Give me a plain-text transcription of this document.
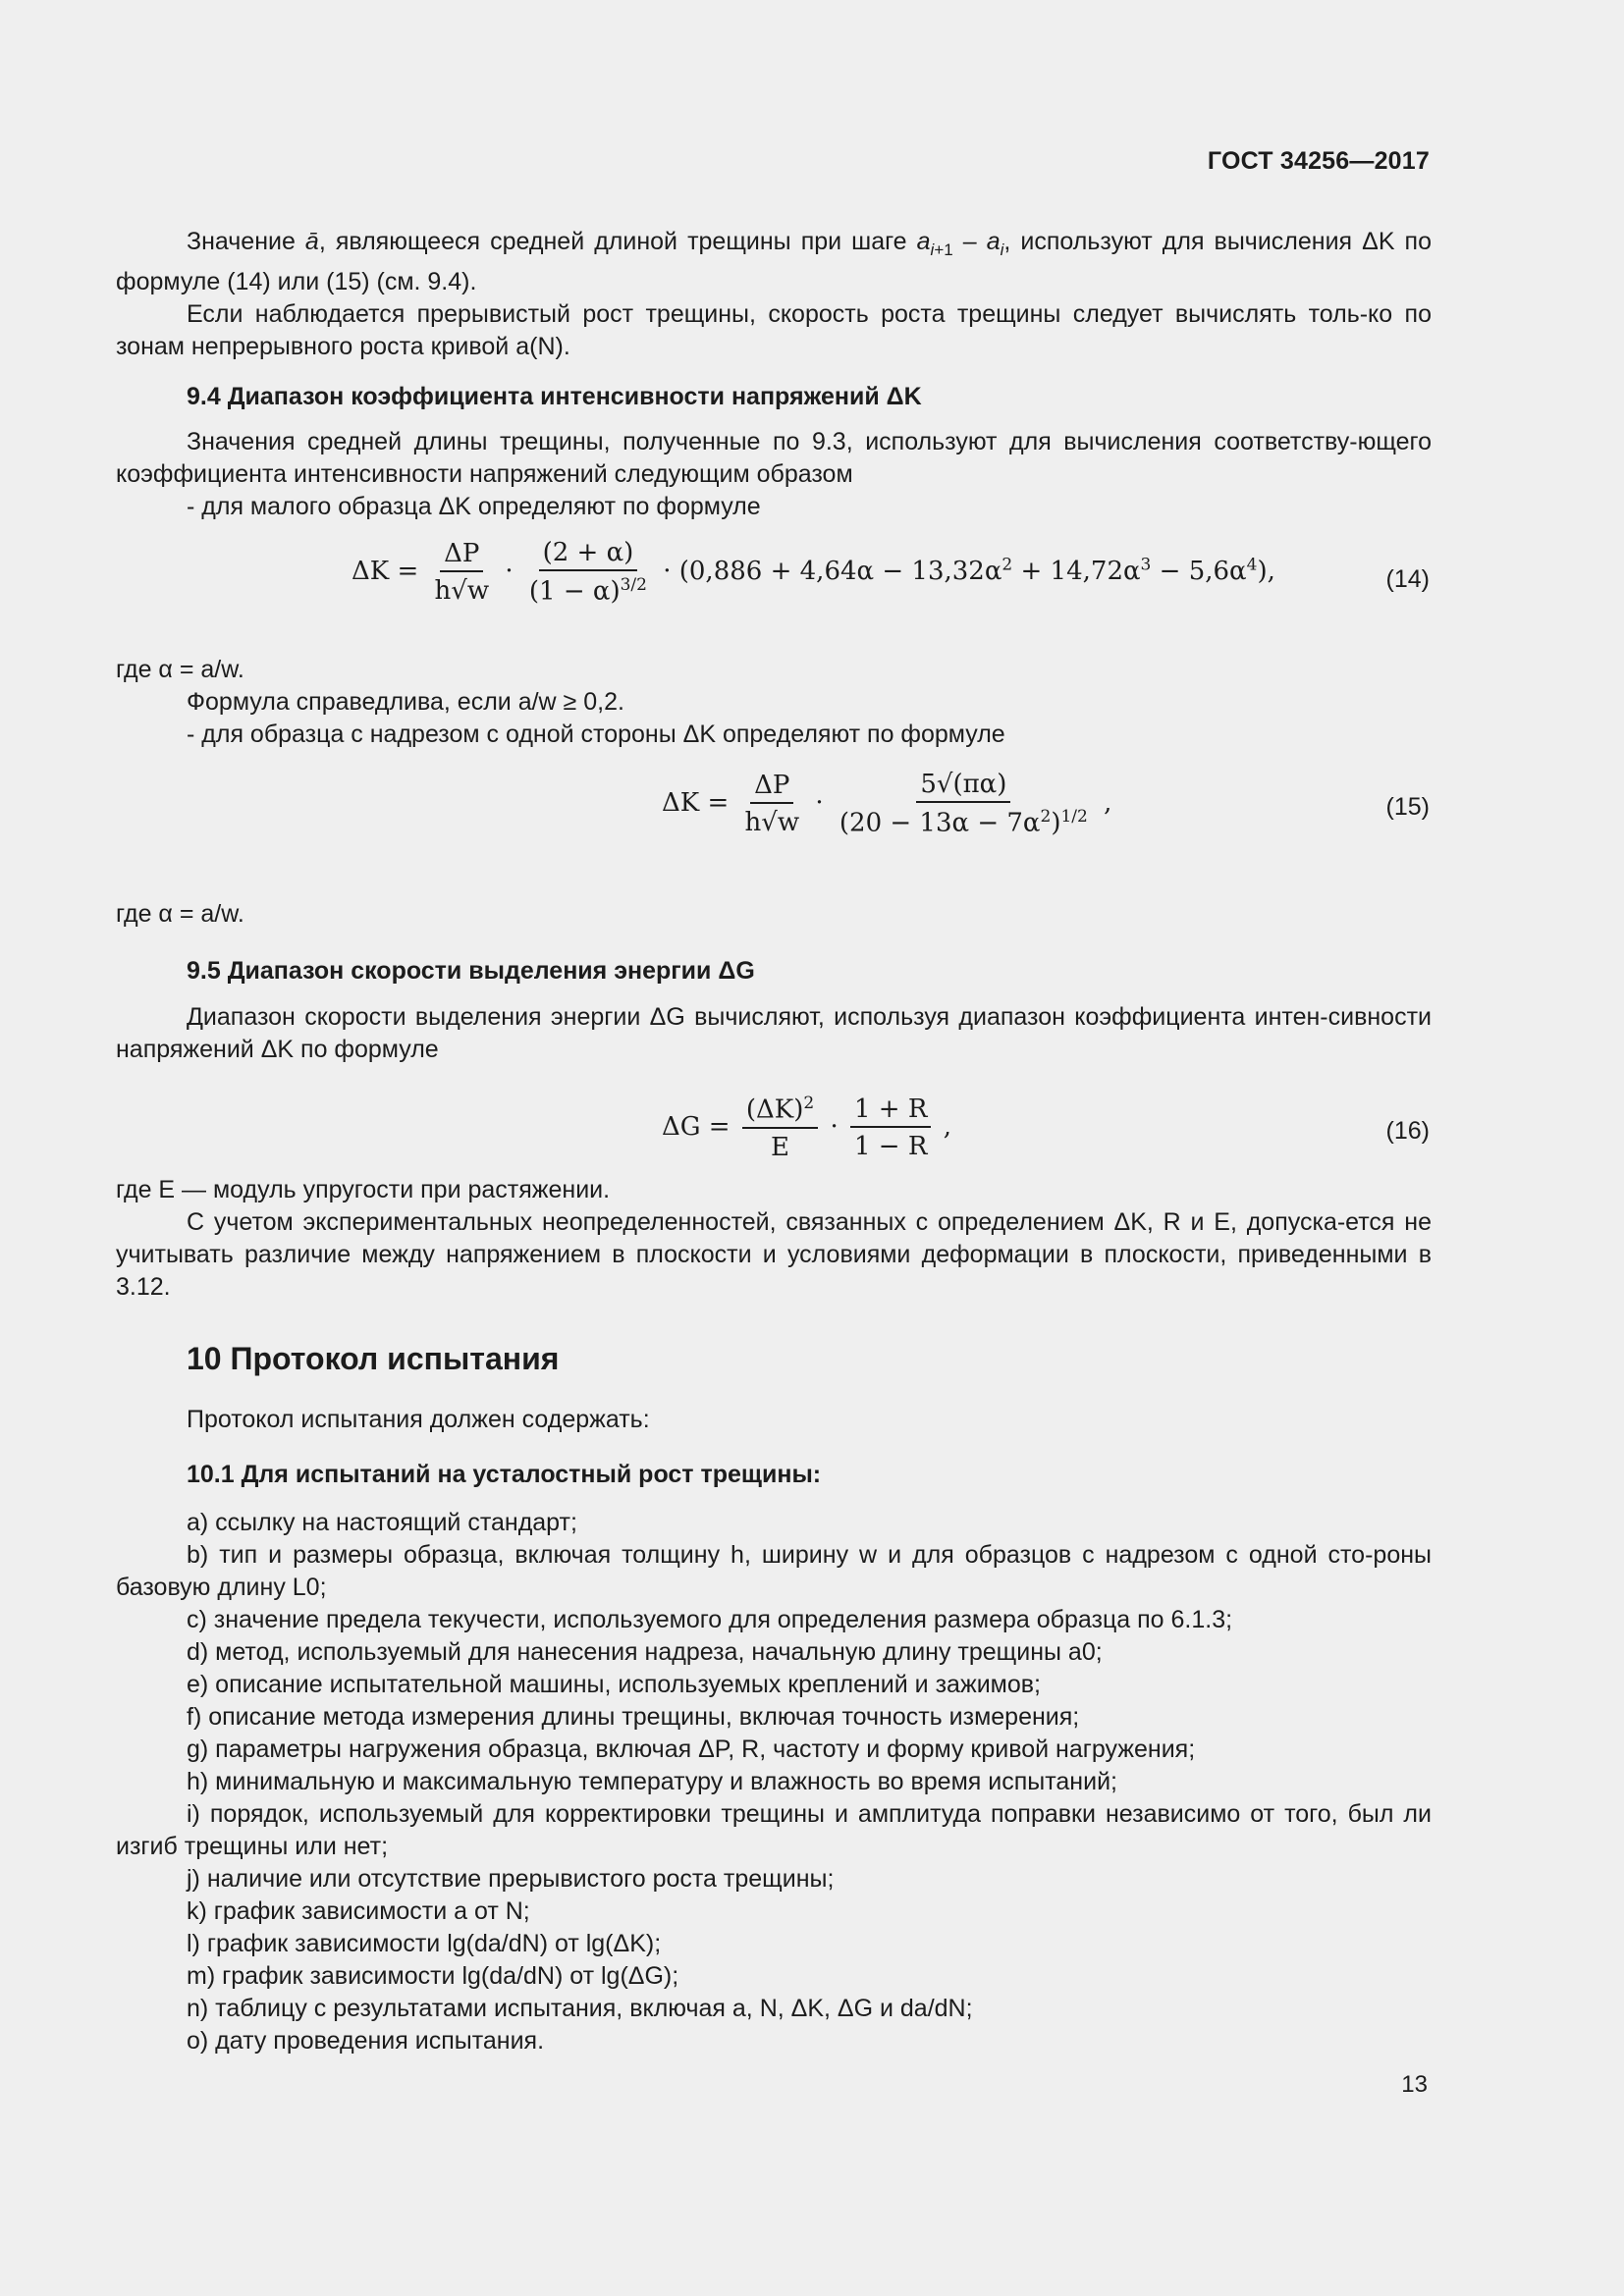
ГОСТ 34256—2017

Значение ā, являющееся средней длиной трещины при шаге $a_{i+1} - a_i$, используют для вычисления ΔK по формуле (14) или (15) (см. 9.4).

Если наблюдается прерывистый рост трещины, скорость роста трещины следует вычислять толь-ко по зонам непрерывного роста кривой a(N).

9.4 Диапазон коэффициента интенсивности напряжений ΔK

Значения средней длины трещины, полученные по 9.3, используют для вычисления соответству-ющего коэффициента интенсивности напряжений следующим образом

- для малого образца ΔK определяют по формуле

$\Delta K = \frac{\Delta P}{h√w} \cdot \frac{(2 + \alpha)}{(1 - \alpha)^{3/2}} \cdot (0,886 + 4,64\alpha - 13,32\alpha^2 + 14,72\alpha^3 - 5,6\alpha^4)$,	(14)

где α = a/w.

Формула справедлива, если a/w ≥ 0,2.

- для образца с надрезом с одной стороны ΔK определяют по формуле

$\Delta K = \frac{\Delta P}{h√w} \cdot \frac{5√(\pi\alpha)}{(20 - 13\alpha - 7\alpha^2)^{1/2}}$ ,	(15)

где α = a/w.

9.5 Диапазон скорости выделения энергии ΔG

Диапазон скорости выделения энергии ΔG вычисляют, используя диапазон коэффициента интен-сивности напряжений ΔK по формуле

$\Delta G = \frac{(\Delta K)^2}{E} \cdot \frac{1 + R}{1 - R}$ ,	(16)

где E — модуль упругости при растяжении.

С учетом экспериментальных неопределенностей, связанных с определением ΔK, R и E, допуска-ется не учитывать различие между напряжением в плоскости и условиями деформации в плоскости, приведенными в 3.12.

10 Протокол испытания

Протокол испытания должен содержать:

10.1 Для испытаний на усталостный рост трещины:

а) ссылку на настоящий стандарт;

b) тип и размеры образца, включая толщину h, ширину w и для образцов с надрезом с одной сто-роны базовую длину L0;

c) значение предела текучести, используемого для определения размера образца по 6.1.3;

d) метод, используемый для нанесения надреза, начальную длину трещины a0;

e) описание испытательной машины, используемых креплений и зажимов;

f) описание метода измерения длины трещины, включая точность измерения;

g) параметры нагружения образца, включая ΔP, R, частоту и форму кривой нагружения;

h) минимальную и максимальную температуру и влажность во время испытаний;

i) порядок, используемый для корректировки трещины и амплитуда поправки независимо от того, был ли изгиб трещины или нет;

j) наличие или отсутствие прерывистого роста трещины;

k) график зависимости a от N;

l) график зависимости lg(da/dN) от lg(ΔK);

m) график зависимости lg(da/dN) от lg(ΔG);

n) таблицу с результатами испытания, включая a, N, ΔK, ΔG и da/dN;

o) дату проведения испытания.

13
